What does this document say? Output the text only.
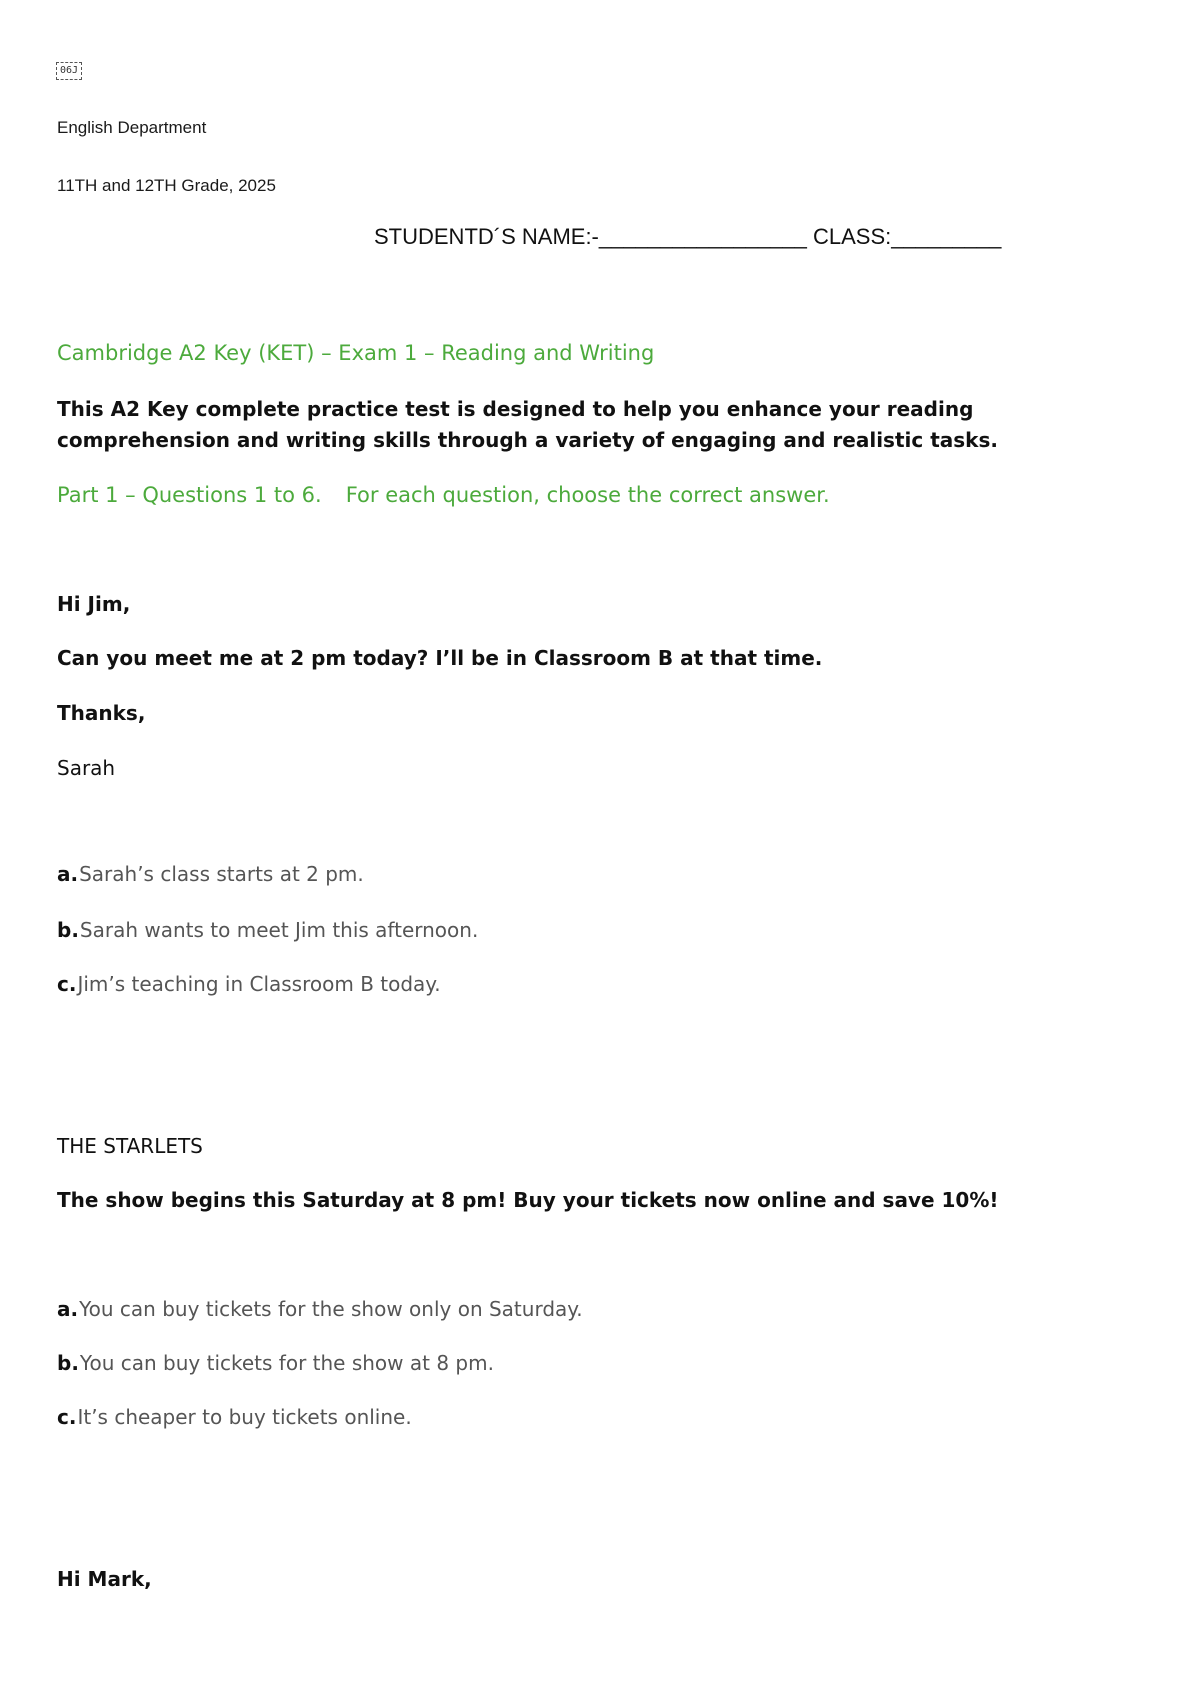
06J
English Department
11TH and 12TH Grade, 2025
STUDENTD´S NAME:-_________________ CLASS:_________
Cambridge A2 Key (KET) – Exam 1 – Reading and Writing
This A2 Key complete practice test is designed to help you enhance your reading comprehension and writing skills through a variety of engaging and realistic tasks.
Part 1 – Questions 1 to 6. For each question, choose the correct answer.
Hi Jim,
Can you meet me at 2 pm today? I’ll be in Classroom B at that time.
Thanks,
Sarah
a.Sarah’s class starts at 2 pm.
b.Sarah wants to meet Jim this afternoon.
c.Jim’s teaching in Classroom B today.
THE STARLETS
The show begins this Saturday at 8 pm! Buy your tickets now online and save 10%!
a.You can buy tickets for the show only on Saturday.
b.You can buy tickets for the show at 8 pm.
c.It’s cheaper to buy tickets online.
Hi Mark,
